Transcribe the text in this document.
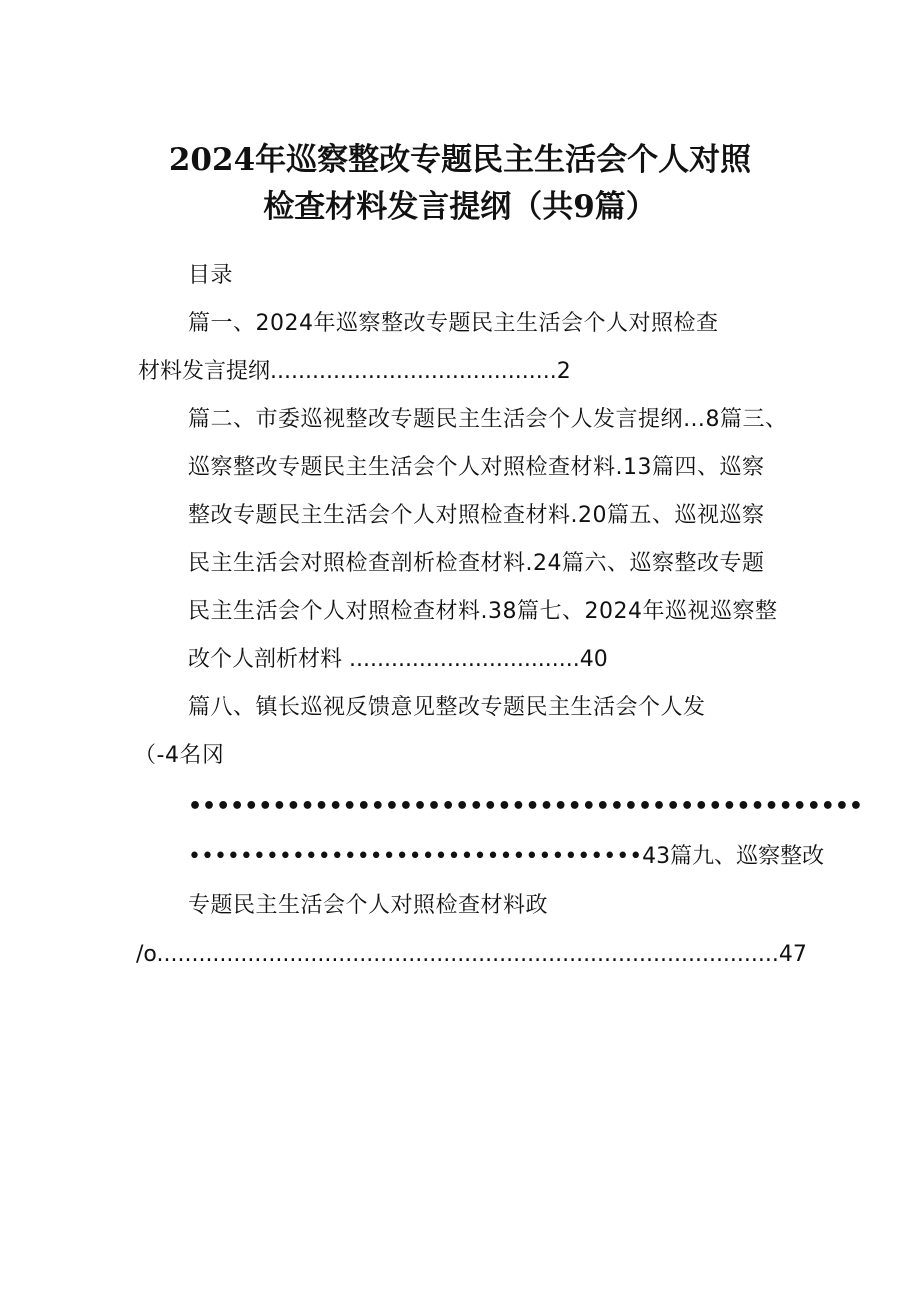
2024年巡察整改专题民主生活会个人对照
检查材料发言提纲（共9篇）
目录
篇一、2024年巡察整改专题民主生活会个人对照检查
材料发言提纲.........................................2
篇二、市委巡视整改专题民主生活会个人发言提纲…8篇三、
巡察整改专题民主生活会个人对照检查材料.13篇四、巡察
整改专题民主生活会个人对照检查材料.20篇五、巡视巡察
民主生活会对照检查剖析检查材料.24篇六、巡察整改专题
民主生活会个人对照检查材料.38篇七、2024年巡视巡察整
改个人剖析材料 .................................40
篇八、镇长巡视反馈意见整改专题民主生活会个人发
（-4名冈
••••••••••••••••••••••••••••••••••••••••••••••••
•••••••••••••••••••••••••••••••••••43篇九、巡察整改
专题民主生活会个人对照检查材料政
/o.........................................................................................47
